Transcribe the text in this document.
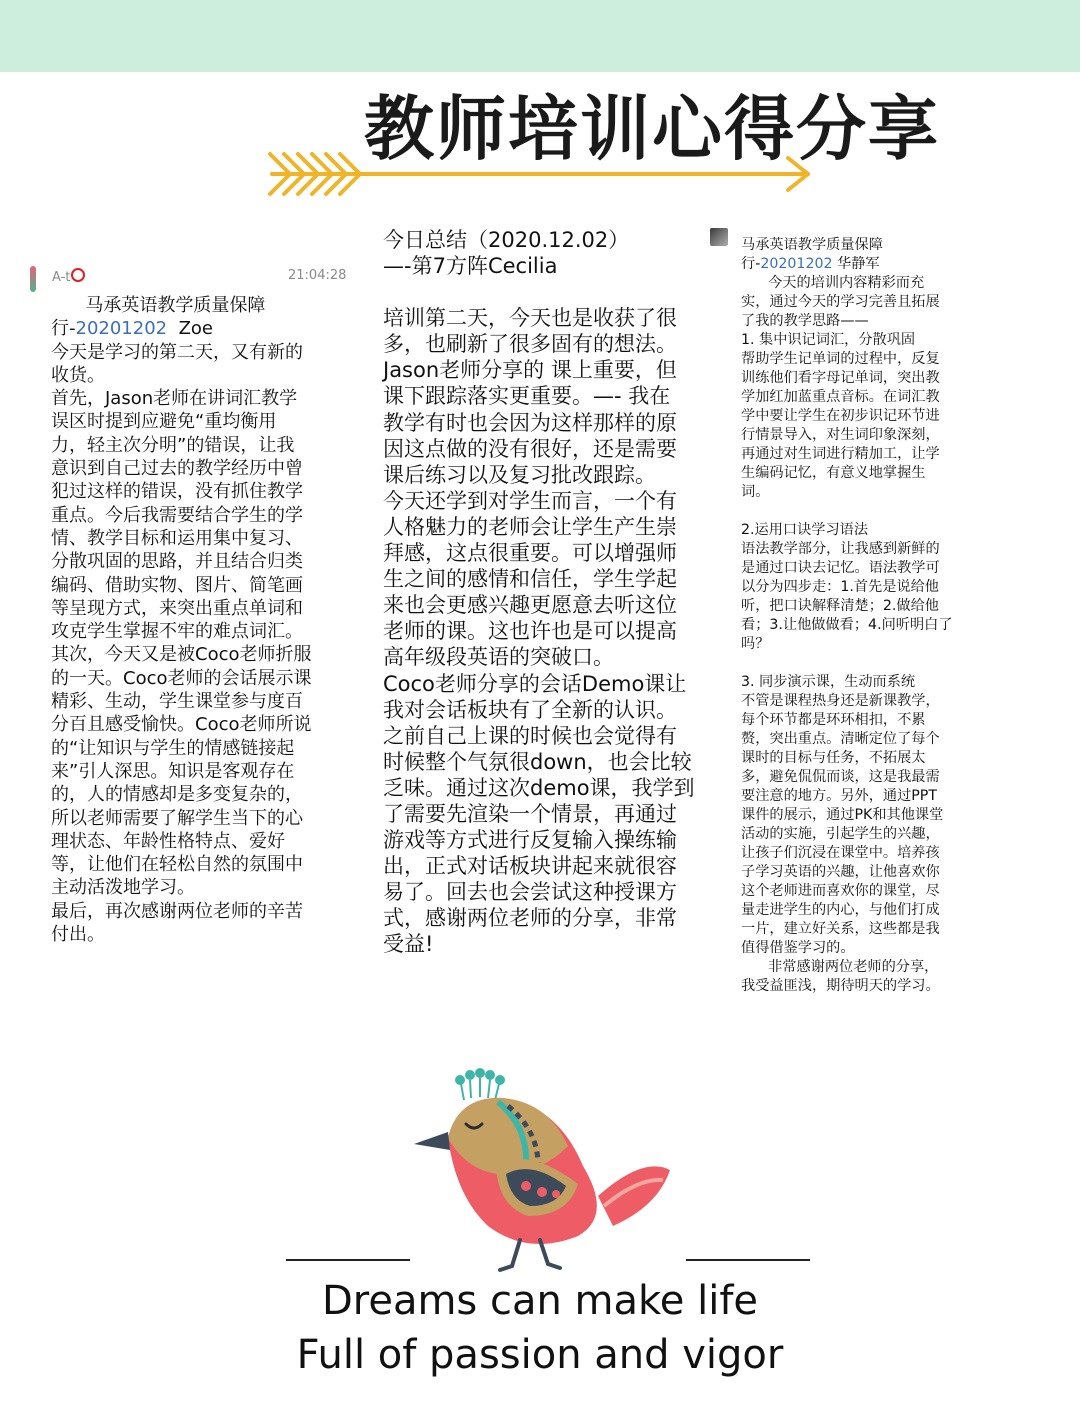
教师培训心得分享
A-t	21:04:28
马承英语教学质量保障
行-20201202  Zoe
今天是学习的第二天，又有新的
收货。
首先，Jason老师在讲词汇教学
误区时提到应避免“重均衡用
力，轻主次分明”的错误，让我
意识到自己过去的教学经历中曾
犯过这样的错误，没有抓住教学
重点。今后我需要结合学生的学
情、教学目标和运用集中复习、
分散巩固的思路，并且结合归类
编码、借助实物、图片、简笔画
等呈现方式，来突出重点单词和
攻克学生掌握不牢的难点词汇。
其次，今天又是被Coco老师折服
的一天。Coco老师的会话展示课
精彩、生动，学生课堂参与度百
分百且感受愉快。Coco老师所说
的“让知识与学生的情感链接起
来”引人深思。知识是客观存在
的，人的情感却是多变复杂的，
所以老师需要了解学生当下的心
理状态、年龄性格特点、爱好
等，让他们在轻松自然的氛围中
主动活泼地学习。
最后，再次感谢两位老师的辛苦
付出。
今日总结（2020.12.02）
—-第7方阵Cecilia
培训第二天，今天也是收获了很
多，也刷新了很多固有的想法。
Jason老师分享的 课上重要，但
课下跟踪落实更重要。—- 我在
教学有时也会因为这样那样的原
因这点做的没有很好，还是需要
课后练习以及复习批改跟踪。
今天还学到对学生而言，一个有
人格魅力的老师会让学生产生崇
拜感，这点很重要。可以增强师
生之间的感情和信任，学生学起
来也会更感兴趣更愿意去听这位
老师的课。这也许也是可以提高
高年级段英语的突破口。
Coco老师分享的会话Demo课让
我对会话板块有了全新的认识。
之前自己上课的时候也会觉得有
时候整个气氛很down，也会比较
乏味。通过这次demo课，我学到
了需要先渲染一个情景，再通过
游戏等方式进行反复输入操练输
出，正式对话板块讲起来就很容
易了。回去也会尝试这种授课方
式，感谢两位老师的分享，非常
受益!
马承英语教学质量保障
行-20201202 华静军
今天的培训内容精彩而充
实，通过今天的学习完善且拓展
了我的教学思路——
1. 集中识记词汇，分散巩固
帮助学生记单词的过程中，反复
训练他们看字母记单词，突出教
学加红加蓝重点音标。在词汇教
学中要让学生在初步识记环节进
行情景导入，对生词印象深刻，
再通过对生词进行精加工，让学
生编码记忆，有意义地掌握生
词。

2.运用口诀学习语法
语法教学部分，让我感到新鲜的
是通过口诀去记忆。语法教学可
以分为四步走：1.首先是说给他
听，把口诀解释清楚；2.做给他
看；3.让他做做看；4.问听明白了
吗？

3. 同步演示课，生动而系统
不管是课程热身还是新课教学，
每个环节都是环环相扣，不累
赘，突出重点。清晰定位了每个
课时的目标与任务，不拓展太
多，避免侃侃而谈，这是我最需
要注意的地方。另外，通过PPT
课件的展示，通过PK和其他课堂
活动的实施，引起学生的兴趣，
让孩子们沉浸在课堂中。培养孩
子学习英语的兴趣，让他喜欢你
这个老师进而喜欢你的课堂，尽
量走进学生的内心，与他们打成
一片，建立好关系，这些都是我
值得借鉴学习的。
非常感谢两位老师的分享，
我受益匪浅，期待明天的学习。
Dreams can make life
Full of passion and vigor
